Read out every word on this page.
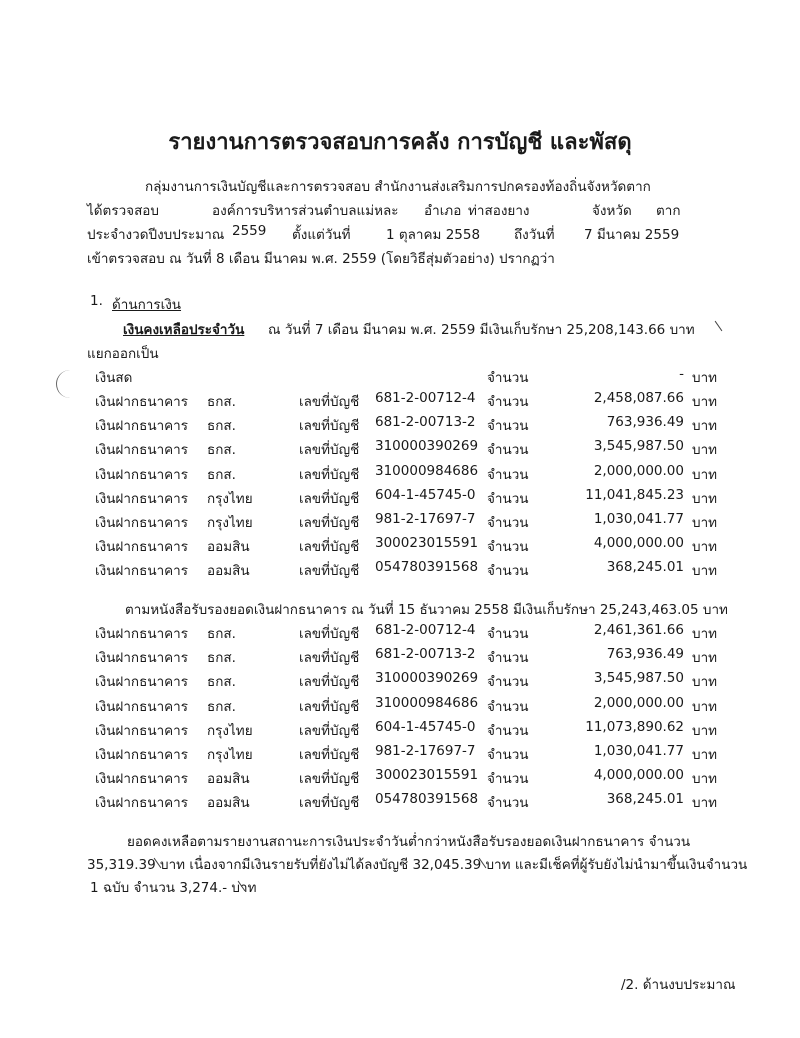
รายงานการตรวจสอบการคลัง การบัญชี และพัสดุ
กลุ่มงานการเงินบัญชีและการตรวจสอบ สำนักงานส่งเสริมการปกครองท้องถิ่นจังหวัดตาก
ได้ตรวจสอบ	องค์การบริหารส่วนตำบลแม่หละ อำเภอ ท่าสองยาง	จังหวัด ตาก
ประจำงวดปีงบประมาณ 2559 ตั้งแต่วันที่	1 ตุลาคม 2558	ถึงวันที่ 7 มีนาคม 2559
เข้าตรวจสอบ ณ วันที่ 8 เดือน มีนาคม พ.ศ. 2559 (โดยวิธีสุ่มตัวอย่าง) ปรากฏว่า
1. ด้านการเงิน
เงินคงเหลือประจำวัน ณ วันที่ 7 เดือน มีนาคม พ.ศ. 2559 มีเงินเก็บรักษา 25,208,143.66 บาท
แยกออกเป็น
เงินสด	จำนวน	- บาท
เงินฝากธนาคาร ธกส.	เลขที่บัญชี 681-2-00712-4 จำนวน	2,458,087.66 บาท
เงินฝากธนาคาร ธกส.	เลขที่บัญชี 681-2-00713-2 จำนวน	763,936.49 บาท
เงินฝากธนาคาร ธกส.	เลขที่บัญชี 310000390269 จำนวน	3,545,987.50 บาท
เงินฝากธนาคาร ธกส.	เลขที่บัญชี 310000984686 จำนวน	2,000,000.00 บาท
เงินฝากธนาคาร กรุงไทย	เลขที่บัญชี 604-1-45745-0 จำนวน	11,041,845.23 บาท
เงินฝากธนาคาร กรุงไทย	เลขที่บัญชี 981-2-17697-7 จำนวน	1,030,041.77 บาท
เงินฝากธนาคาร ออมสิน	เลขที่บัญชี 300023015591 จำนวน	4,000,000.00 บาท
เงินฝากธนาคาร ออมสิน	เลขที่บัญชี 054780391568 จำนวน	368,245.01 บาท
ตามหนังสือรับรองยอดเงินฝากธนาคาร ณ วันที่ 15 ธันวาคม 2558 มีเงินเก็บรักษา 25,243,463.05 บาท
เงินฝากธนาคาร ธกส.	เลขที่บัญชี 681-2-00712-4 จำนวน	2,461,361.66 บาท
เงินฝากธนาคาร ธกส.	เลขที่บัญชี 681-2-00713-2 จำนวน	763,936.49 บาท
เงินฝากธนาคาร ธกส.	เลขที่บัญชี 310000390269 จำนวน	3,545,987.50 บาท
เงินฝากธนาคาร ธกส.	เลขที่บัญชี 310000984686 จำนวน	2,000,000.00 บาท
เงินฝากธนาคาร กรุงไทย	เลขที่บัญชี 604-1-45745-0 จำนวน	11,073,890.62 บาท
เงินฝากธนาคาร กรุงไทย	เลขที่บัญชี 981-2-17697-7 จำนวน	1,030,041.77 บาท
เงินฝากธนาคาร ออมสิน	เลขที่บัญชี 300023015591 จำนวน	4,000,000.00 บาท
เงินฝากธนาคาร ออมสิน	เลขที่บัญชี 054780391568 จำนวน	368,245.01 บาท
ยอดคงเหลือตามรายงานสถานะการเงินประจำวันต่ำกว่าหนังสือรับรองยอดเงินฝากธนาคาร จำนวน
35,319.39 บาท เนื่องจากมีเงินรายรับที่ยังไม่ได้ลงบัญชี 32,045.39 บาท และมีเช็คที่ผู้รับยังไม่นำมาขึ้นเงินจำนวน
1 ฉบับ จำนวน 3,274.- บาท
/2. ด้านงบประมาณ
